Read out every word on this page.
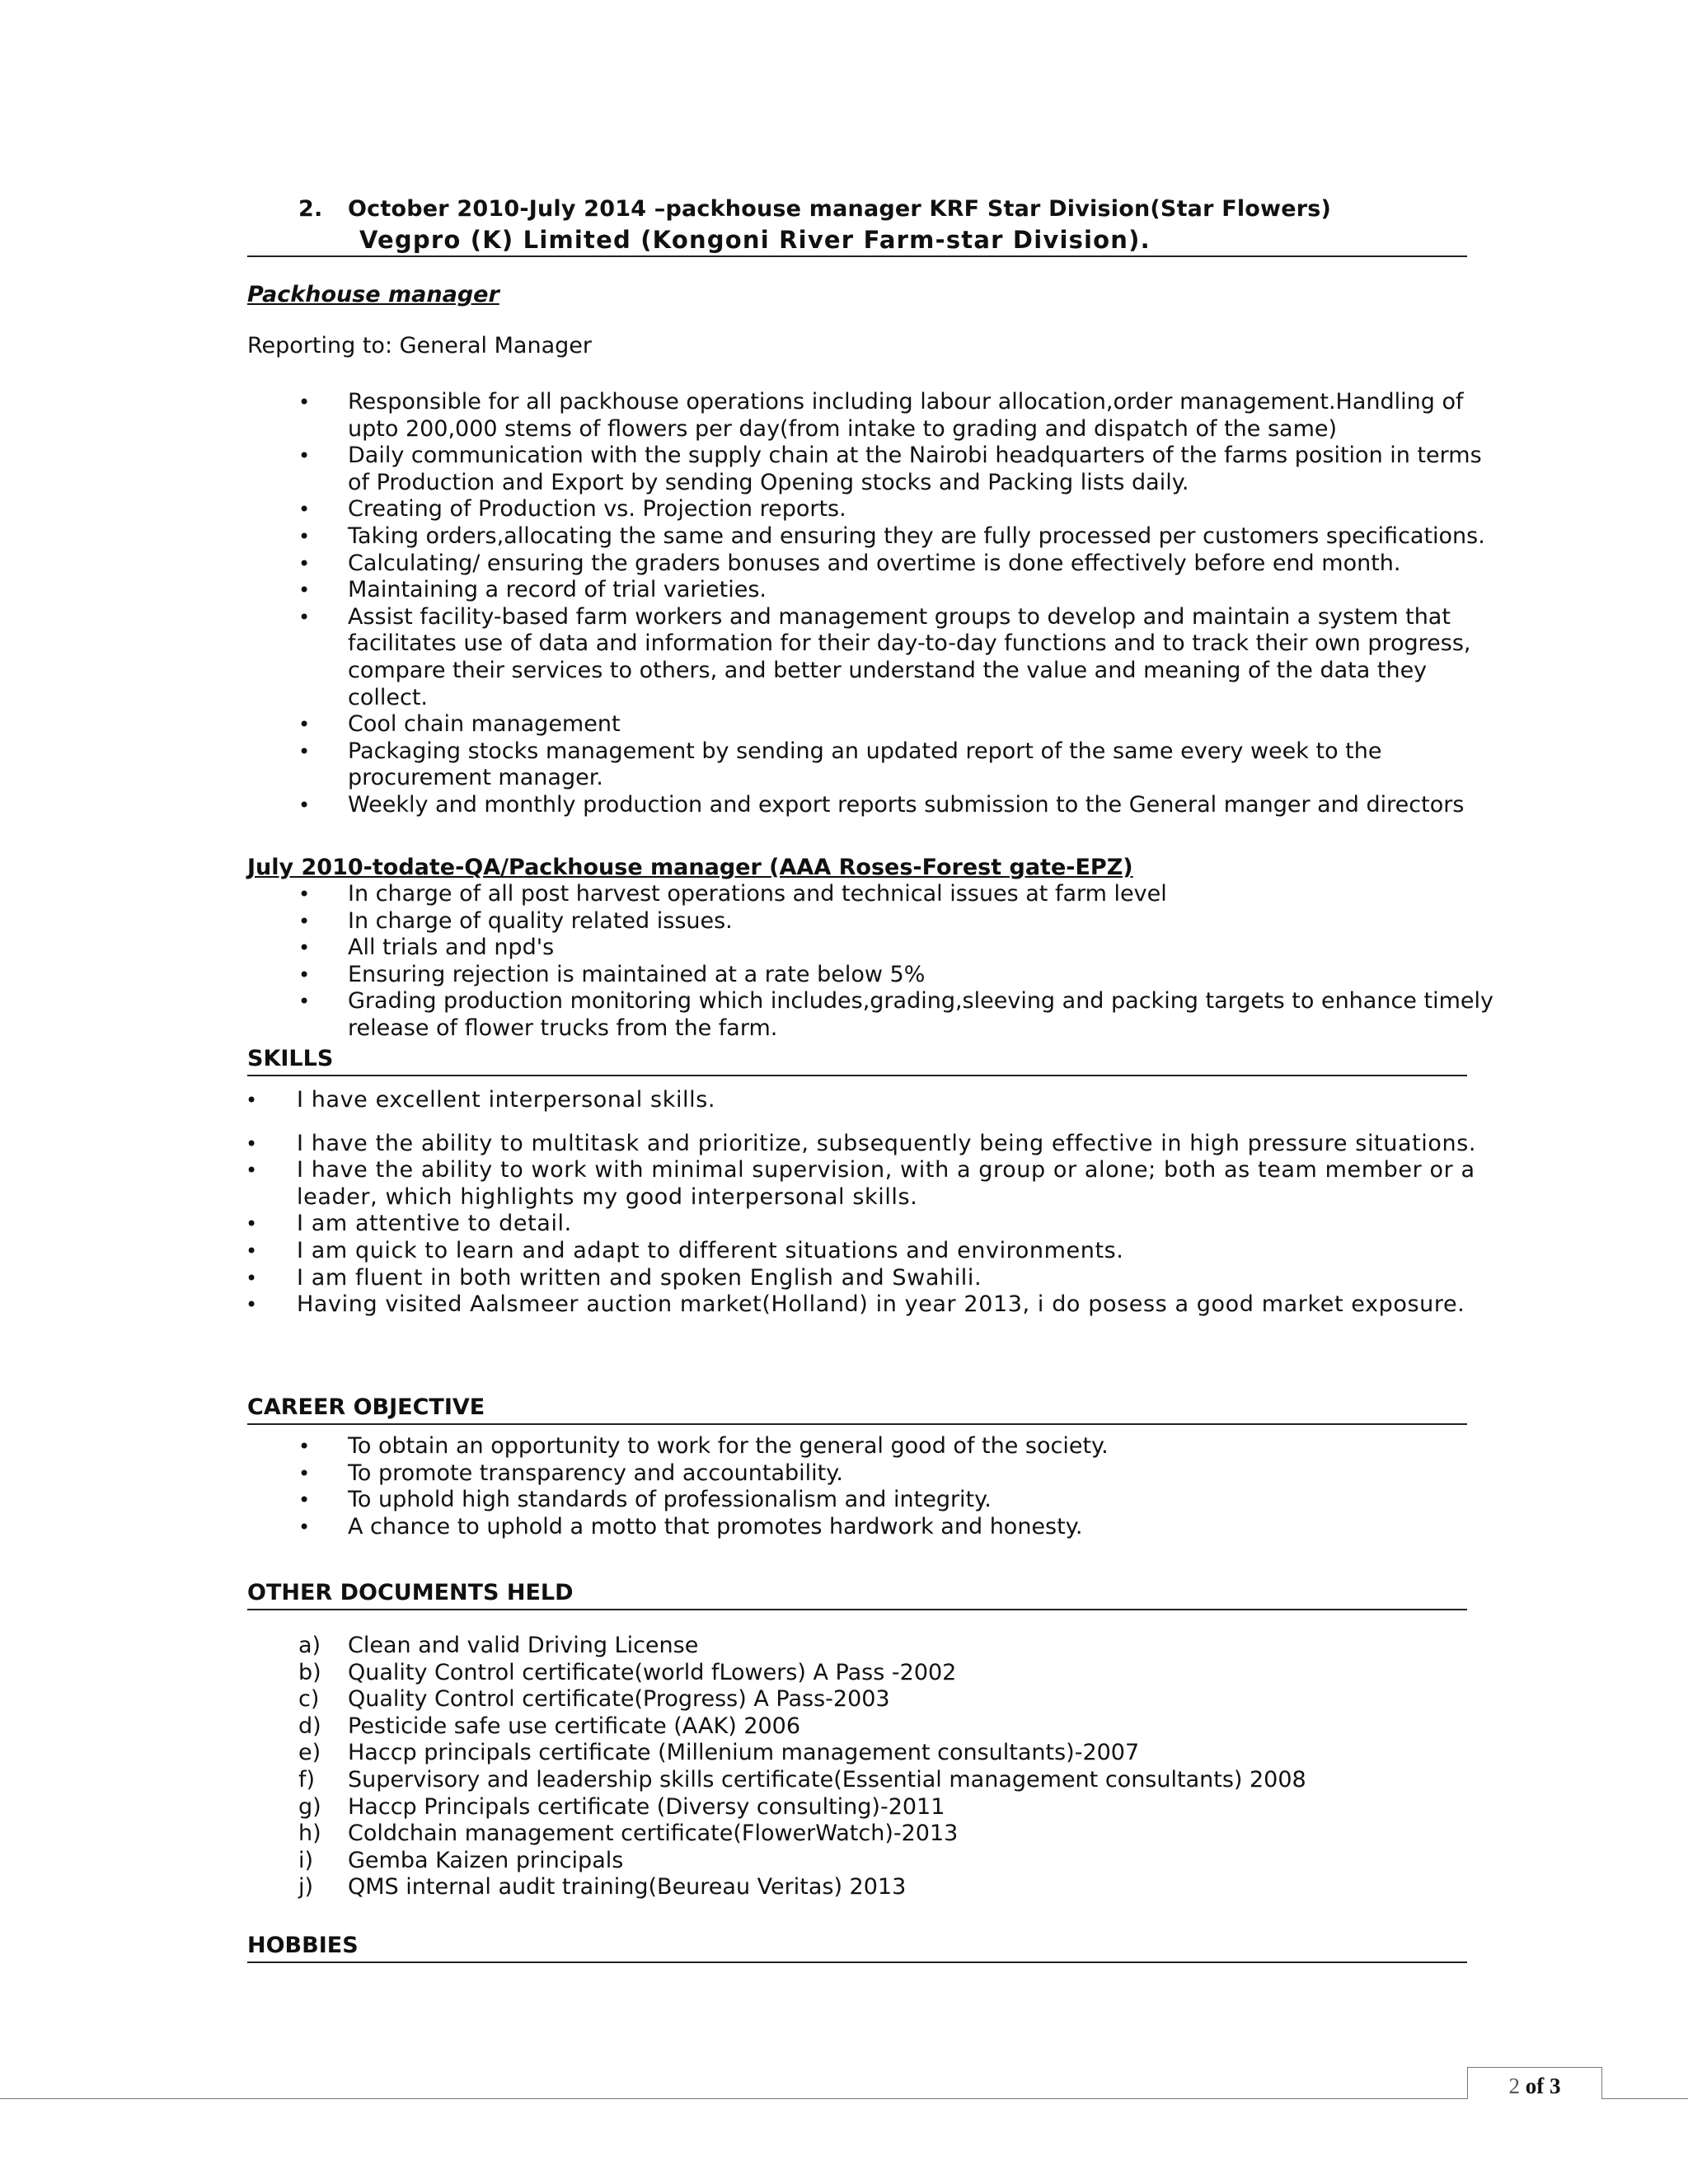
2. October 2010-July 2014 –packhouse manager KRF Star Division(Star Flowers)
Vegpro (K) Limited (Kongoni River Farm-star Division).
Packhouse manager
Reporting to: General Manager
• Responsible for all packhouse operations including labour allocation,order management.Handling of
upto 200,000 stems of flowers per day(from intake to grading and dispatch of the same)
• Daily communication with the supply chain at the Nairobi headquarters of the farms position in terms
of Production and Export by sending Opening stocks and Packing lists daily.
• Creating of Production vs. Projection reports.
• Taking orders,allocating the same and ensuring they are fully processed per customers specifications.
• Calculating/ ensuring the graders bonuses and overtime is done effectively before end month.
• Maintaining a record of trial varieties.
• Assist facility-based farm workers and management groups to develop and maintain a system that
facilitates use of data and information for their day-to-day functions and to track their own progress,
compare their services to others, and better understand the value and meaning of the data they
collect.
• Cool chain management
• Packaging stocks management by sending an updated report of the same every week to the
procurement manager.
• Weekly and monthly production and export reports submission to the General manger and directors
July 2010-todate-QA/Packhouse manager (AAA Roses-Forest gate-EPZ)
• In charge of all post harvest operations and technical issues at farm level
• In charge of quality related issues.
• All trials and npd's
• Ensuring rejection is maintained at a rate below 5%
• Grading production monitoring which includes,grading,sleeving and packing targets to enhance timely
release of flower trucks from the farm.
SKILLS
• I have excellent interpersonal skills.
• I have the ability to multitask and prioritize, subsequently being effective in high pressure situations.
• I have the ability to work with minimal supervision, with a group or alone; both as team member or a
leader, which highlights my good interpersonal skills.
• I am attentive to detail.
• I am quick to learn and adapt to different situations and environments.
• I am fluent in both written and spoken English and Swahili.
• Having visited Aalsmeer auction market(Holland) in year 2013, i do posess a good market exposure.
CAREER OBJECTIVE
• To obtain an opportunity to work for the general good of the society.
• To promote transparency and accountability.
• To uphold high standards of professionalism and integrity.
• A chance to uphold a motto that promotes hardwork and honesty.
OTHER DOCUMENTS HELD
a) Clean and valid Driving License
b) Quality Control certificate(world fLowers) A Pass -2002
c) Quality Control certificate(Progress) A Pass-2003
d) Pesticide safe use certificate (AAK) 2006
e) Haccp principals certificate (Millenium management consultants)-2007
f) Supervisory and leadership skills certificate(Essential management consultants) 2008
g) Haccp Principals certificate (Diversy consulting)-2011
h) Coldchain management certificate(FlowerWatch)-2013
i) Gemba Kaizen principals
j) QMS internal audit training(Beureau Veritas) 2013
HOBBIES
2 of 3
